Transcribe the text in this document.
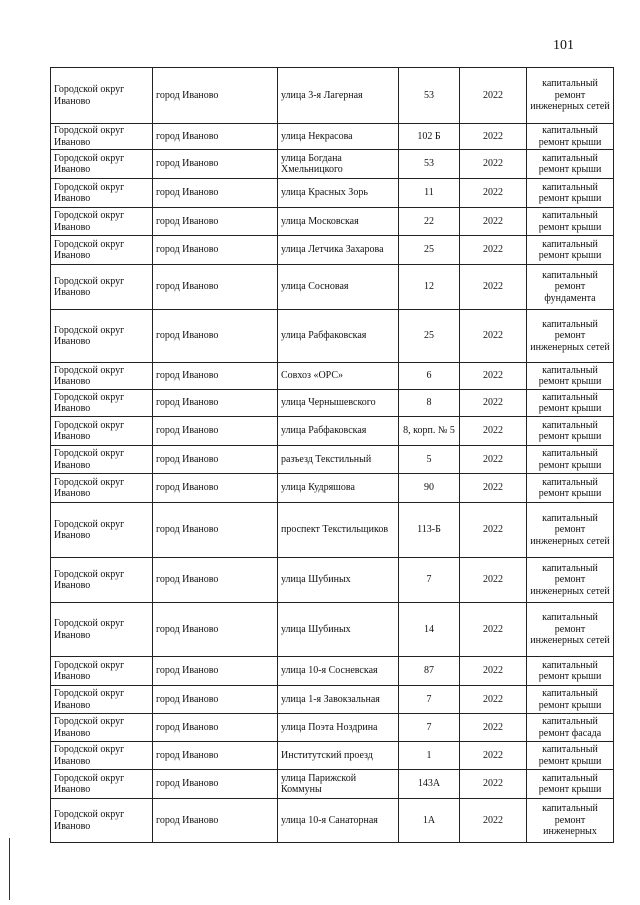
101
Городской округ Иваново	город Иваново	улица 3-я Лагерная	53	2022	капитальный ремонт инженерных сетей
Городской округ Иваново	город Иваново	улица Некрасова	102 Б	2022	капитальный ремонт крыши
Городской округ Иваново	город Иваново	улица Богдана Хмельницкого	53	2022	капитальный ремонт крыши
Городской округ Иваново	город Иваново	улица Красных Зорь	11	2022	капитальный ремонт крыши
Городской округ Иваново	город Иваново	улица Московская	22	2022	капитальный ремонт крыши
Городской округ Иваново	город Иваново	улица Летчика Захарова	25	2022	капитальный ремонт крыши
Городской округ Иваново	город Иваново	улица Сосновая	12	2022	капитальный ремонт фундамента
Городской округ Иваново	город Иваново	улица Рабфаковская	25	2022	капитальный ремонт инженерных сетей
Городской округ Иваново	город Иваново	Совхоз «ОРС»	6	2022	капитальный ремонт крыши
Городской округ Иваново	город Иваново	улица Чернышевского	8	2022	капитальный ремонт крыши
Городской округ Иваново	город Иваново	улица Рабфаковская	8, корп. № 5	2022	капитальный ремонт крыши
Городской округ Иваново	город Иваново	разъезд Текстильный	5	2022	капитальный ремонт крыши
Городской округ Иваново	город Иваново	улица Кудряшова	90	2022	капитальный ремонт крыши
Городской округ Иваново	город Иваново	проспект Текстильщиков	113-Б	2022	капитальный ремонт инженерных сетей
Городской округ Иваново	город Иваново	улица Шубиных	7	2022	капитальный ремонт инженерных сетей
Городской округ Иваново	город Иваново	улица Шубиных	14	2022	капитальный ремонт инженерных сетей
Городской округ Иваново	город Иваново	улица 10-я Сосневская	87	2022	капитальный ремонт крыши
Городской округ Иваново	город Иваново	улица 1-я Завокзальная	7	2022	капитальный ремонт крыши
Городской округ Иваново	город Иваново	улица Поэта Ноздрина	7	2022	капитальный ремонт фасада
Городской округ Иваново	город Иваново	Институтский проезд	1	2022	капитальный ремонт крыши
Городской округ Иваново	город Иваново	улица Парижской Коммуны	143А	2022	капитальный ремонт крыши
Городской округ Иваново	город Иваново	улица 10-я Санаторная	1А	2022	капитальный ремонт инженерных
